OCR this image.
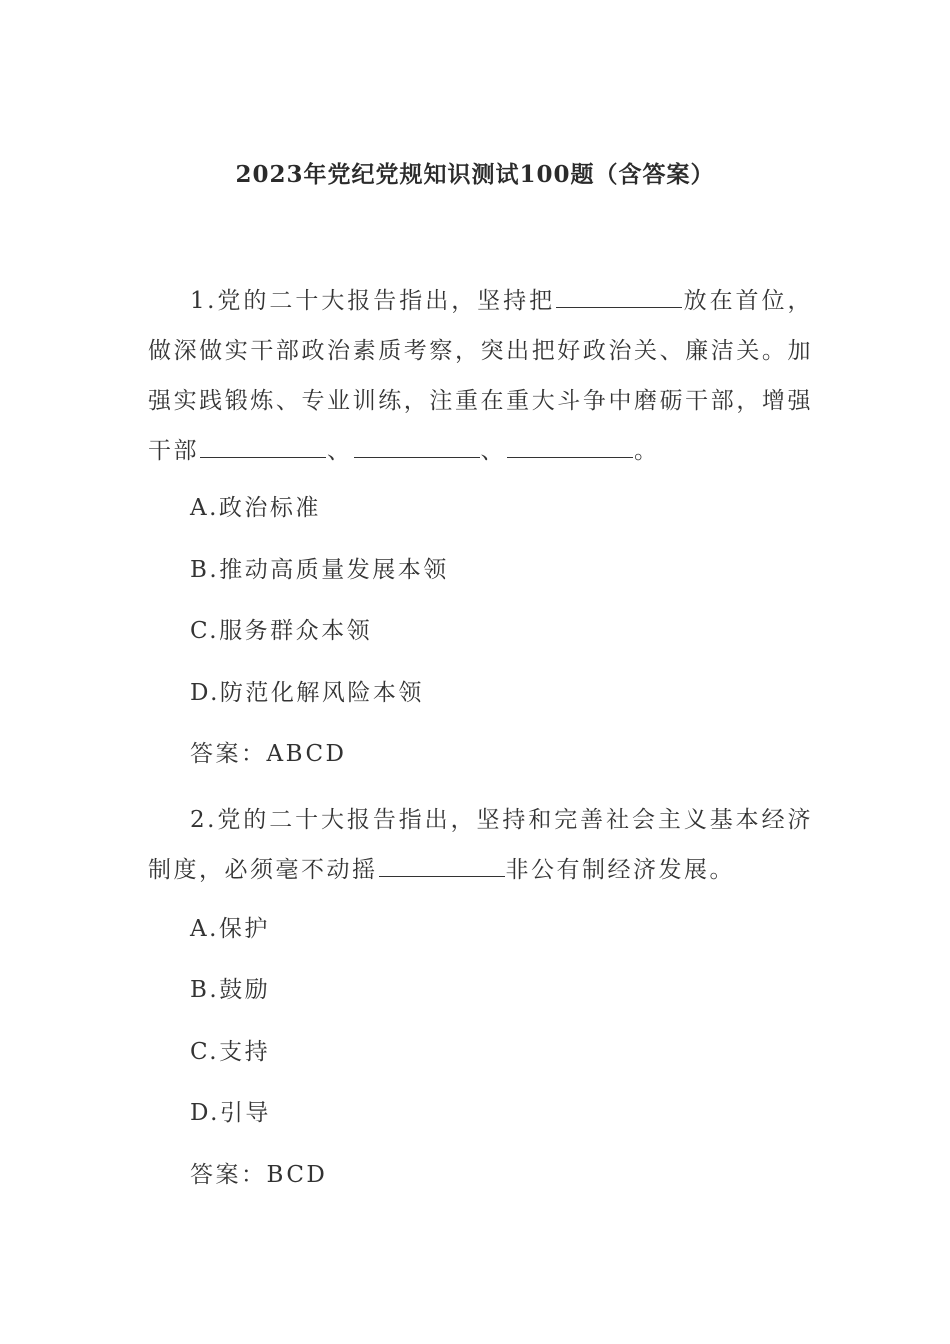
2023年党纪党规知识测试100题（含答案）
1.党的二十大报告指出，坚持把	放在首位，做深做实干部政治素质考察，突出把好政治关、廉洁关。加强实践锻炼、专业训练，注重在重大斗争中磨砺干部，增强干部	、	、	。
A.政治标准
B.推动高质量发展本领
C.服务群众本领
D.防范化解风险本领
答案：ABCD
2.党的二十大报告指出，坚持和完善社会主义基本经济制度，必须毫不动摇	非公有制经济发展。
A.保护
B.鼓励
C.支持
D.引导
答案：BCD
